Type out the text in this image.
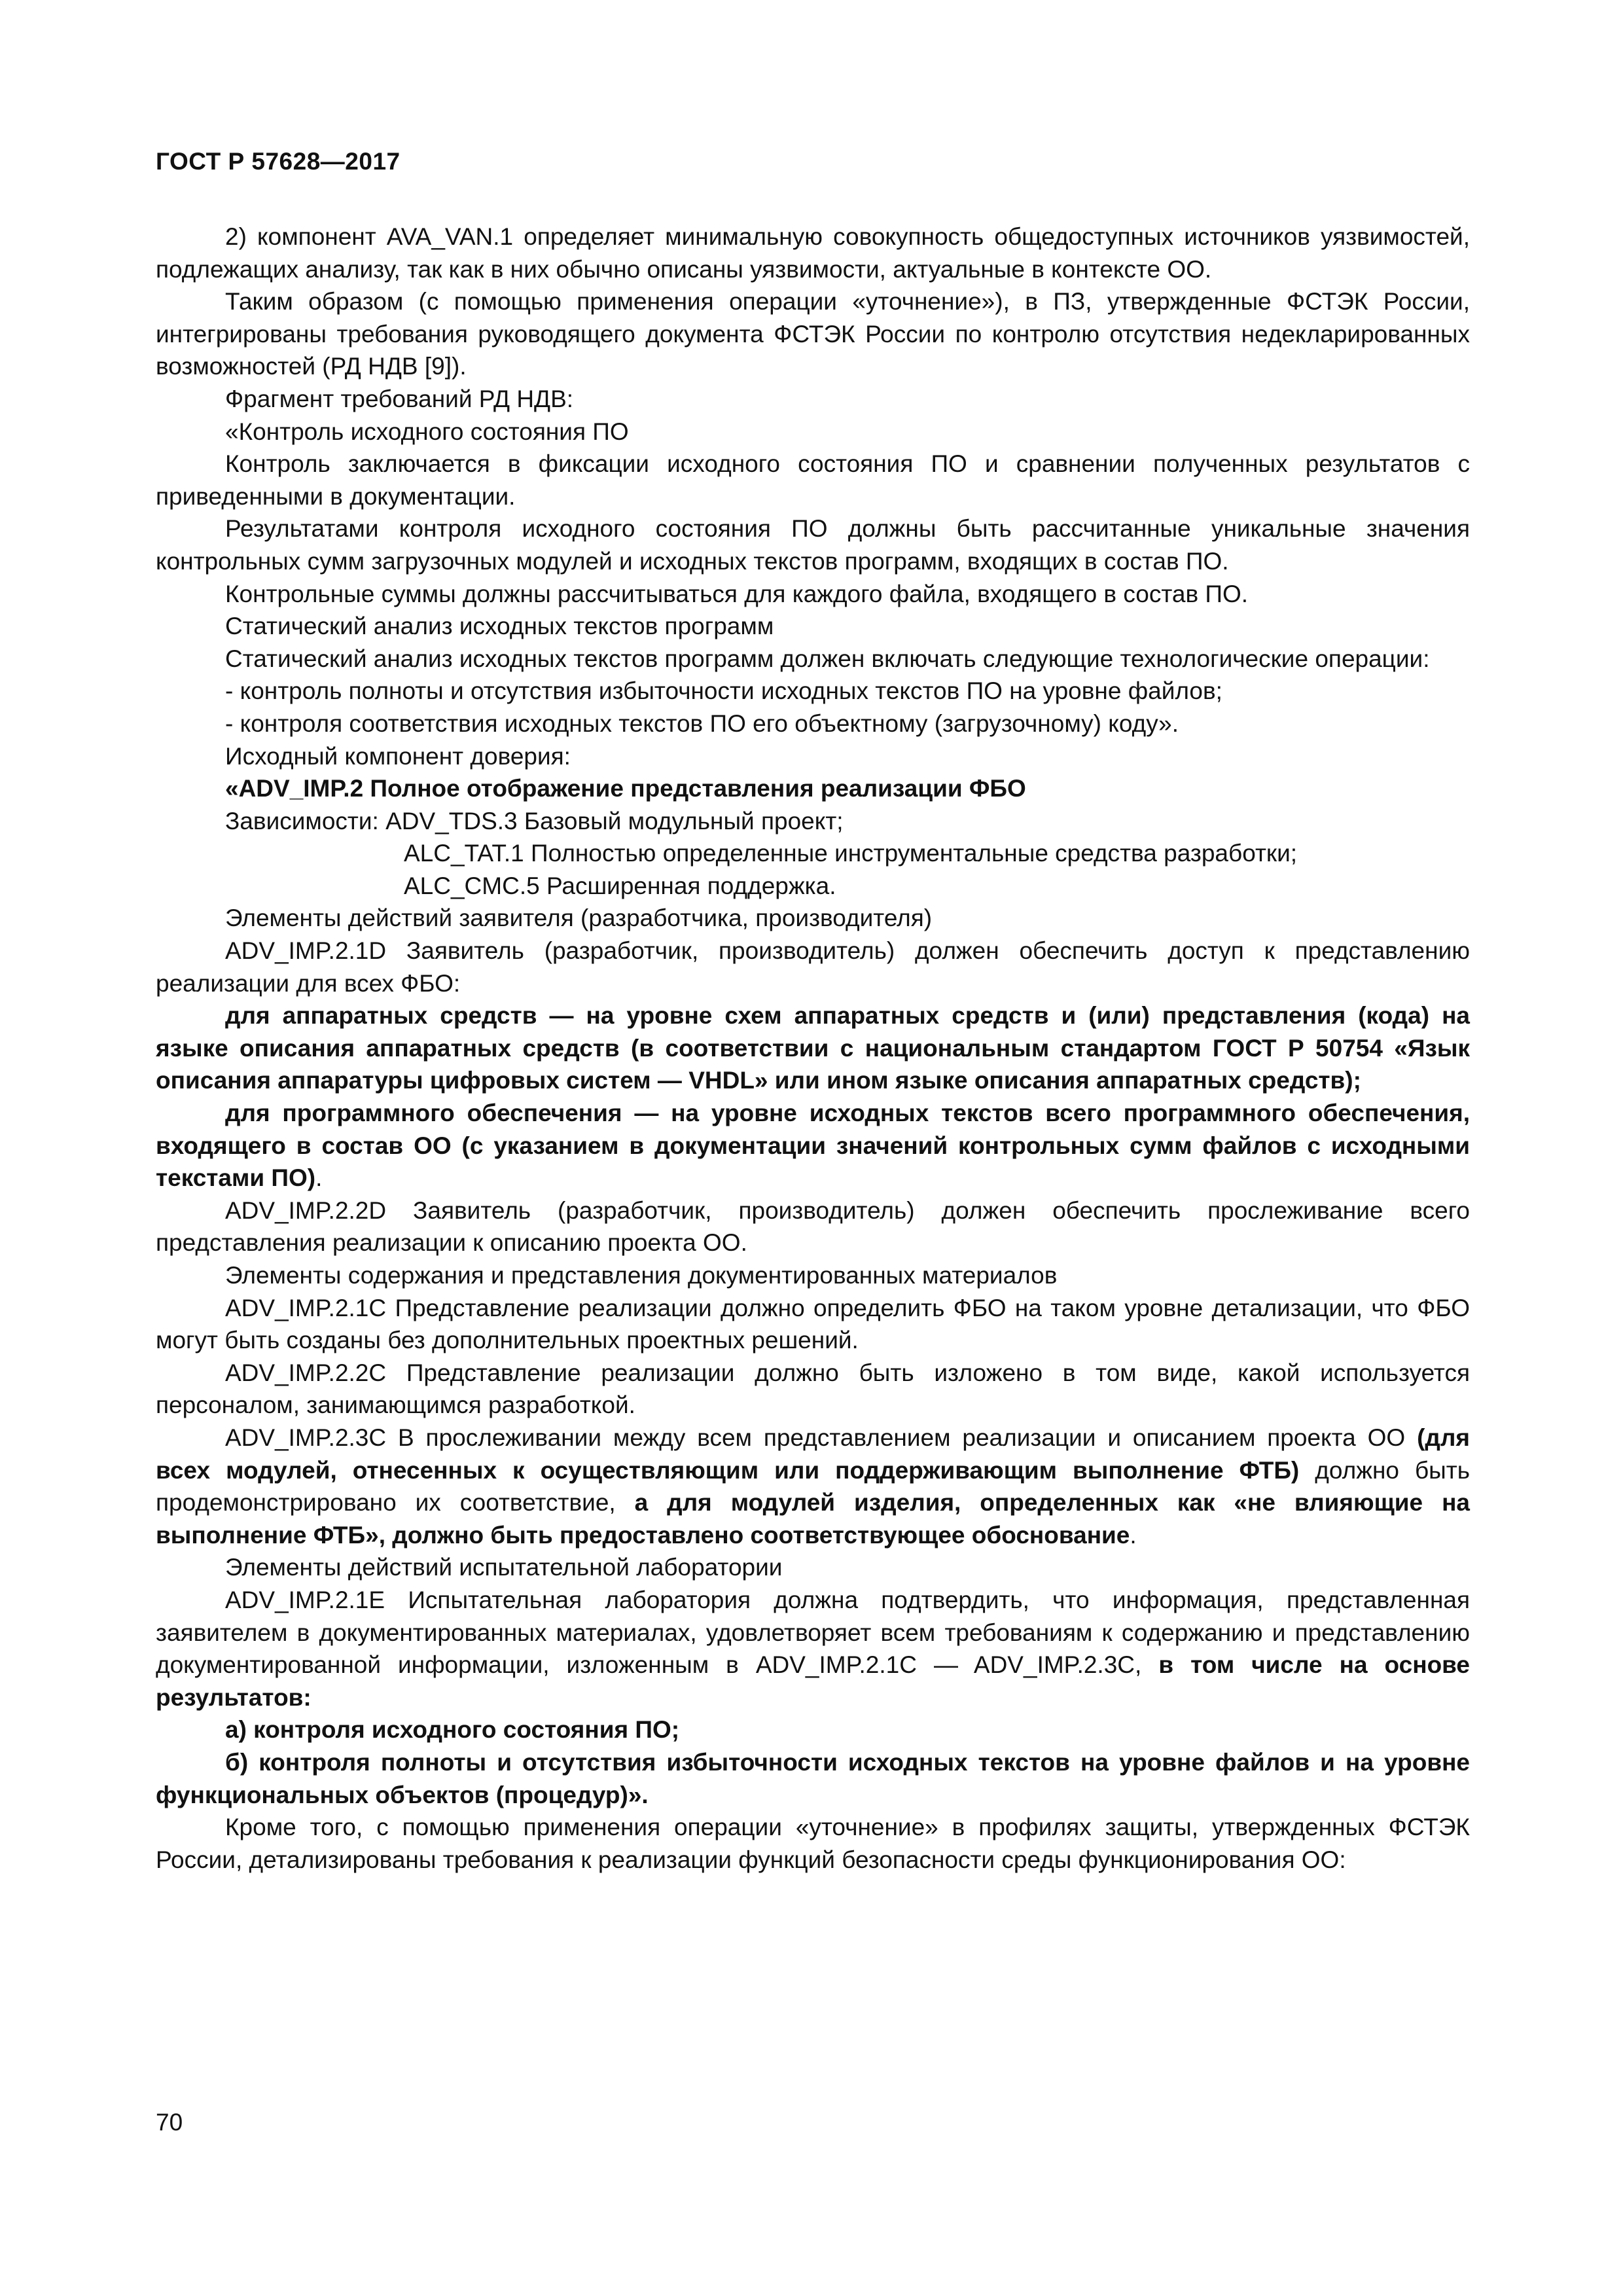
ГОСТ Р 57628—2017

2) компонент AVA_VAN.1 определяет минимальную совокупность общедоступных источников уязвимостей, подлежащих анализу, так как в них обычно описаны уязвимости, актуальные в контексте ОО.

Таким образом (с помощью применения операции «уточнение»), в ПЗ, утвержденные ФСТЭК России, интегрированы требования руководящего документа ФСТЭК России по контролю отсутствия недекларированных возможностей (РД НДВ [9]).

Фрагмент требований РД НДВ:

«Контроль исходного состояния ПО

Контроль заключается в фиксации исходного состояния ПО и сравнении полученных результатов с приведенными в документации.

Результатами контроля исходного состояния ПО должны быть рассчитанные уникальные значения контрольных сумм загрузочных модулей и исходных текстов программ, входящих в состав ПО.

Контрольные суммы должны рассчитываться для каждого файла, входящего в состав ПО.

Статический анализ исходных текстов программ

Статический анализ исходных текстов программ должен включать следующие технологические операции:

- контроль полноты и отсутствия избыточности исходных текстов ПО на уровне файлов;

- контроля соответствия исходных текстов ПО его объектному (загрузочному) коду».

Исходный компонент доверия:

«ADV_IMP.2 Полное отображение представления реализации ФБО

Зависимости: ADV_TDS.3 Базовый модульный проект;

ALC_TAT.1 Полностью определенные инструментальные средства разработки;

ALC_CMC.5 Расширенная поддержка.

Элементы действий заявителя (разработчика, производителя)

ADV_IMP.2.1D Заявитель (разработчик, производитель) должен обеспечить доступ к представлению реализации для всех ФБО:

для аппаратных средств — на уровне схем аппаратных средств и (или) представления (кода) на языке описания аппаратных средств (в соответствии с национальным стандартом ГОСТ Р 50754 «Язык описания аппаратуры цифровых систем — VHDL» или ином языке описания аппаратных средств);

для программного обеспечения — на уровне исходных текстов всего программного обеспечения, входящего в состав ОО (с указанием в документации значений контрольных сумм файлов с исходными текстами ПО).

ADV_IMP.2.2D Заявитель (разработчик, производитель) должен обеспечить прослеживание всего представления реализации к описанию проекта ОО.

Элементы содержания и представления документированных материалов

ADV_IMP.2.1C Представление реализации должно определить ФБО на таком уровне детализации, что ФБО могут быть созданы без дополнительных проектных решений.

ADV_IMP.2.2C Представление реализации должно быть изложено в том виде, какой используется персоналом, занимающимся разработкой.

ADV_IMP.2.3C В прослеживании между всем представлением реализации и описанием проекта ОО (для всех модулей, отнесенных к осуществляющим или поддерживающим выполнение ФТБ) должно быть продемонстрировано их соответствие, а для модулей изделия, определенных как «не влияющие на выполнение ФТБ», должно быть предоставлено соответствующее обоснование.

Элементы действий испытательной лаборатории

ADV_IMP.2.1E Испытательная лаборатория должна подтвердить, что информация, представленная заявителем в документированных материалах, удовлетворяет всем требованиям к содержанию и представлению документированной информации, изложенным в ADV_IMP.2.1C — ADV_IMP.2.3C, в том числе на основе результатов:

а) контроля исходного состояния ПО;

б) контроля полноты и отсутствия избыточности исходных текстов на уровне файлов и на уровне функциональных объектов (процедур)».

Кроме того, с помощью применения операции «уточнение» в профилях защиты, утвержденных ФСТЭК России, детализированы требования к реализации функций безопасности среды функционирования ОО:

70
